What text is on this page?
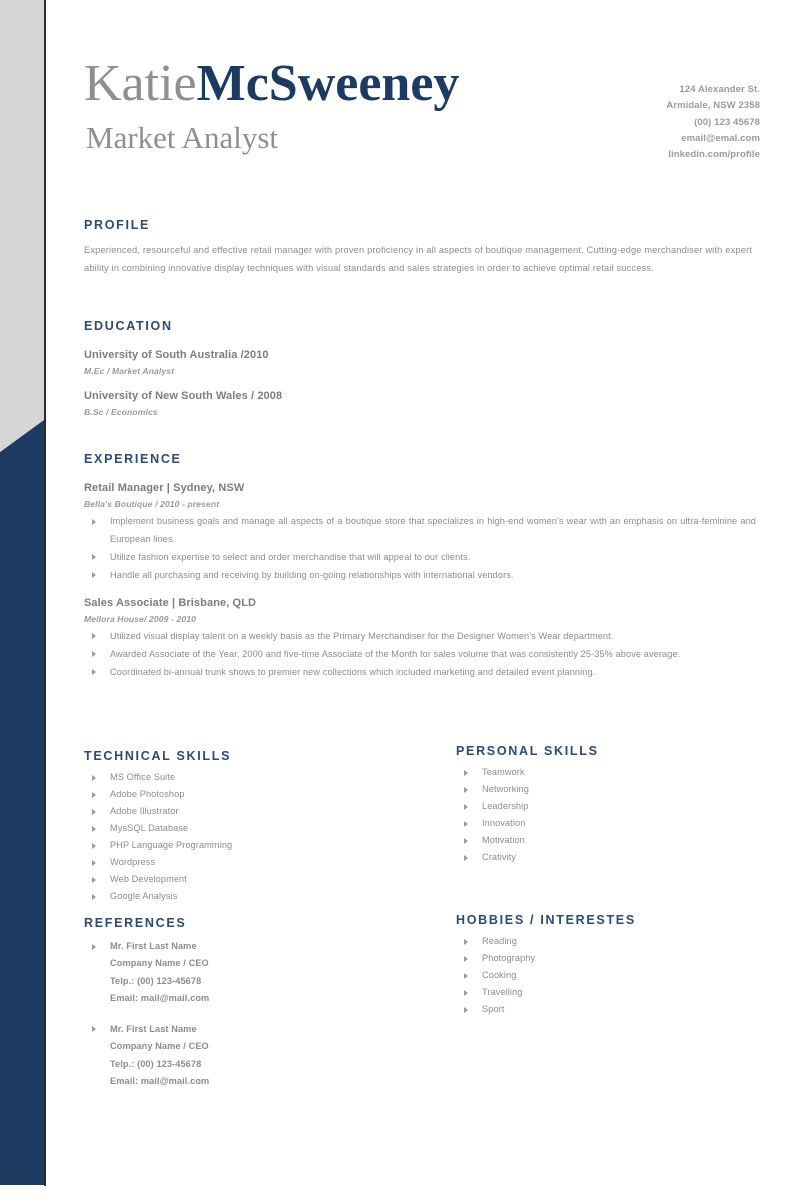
KatieMcSweeney
Market Analyst
124 Alexander St.
Armidale, NSW 2358
(00) 123 45678
email@emal.com
linkedin.com/profile
PROFILE
Experienced, resourceful and effective retail manager with proven proficiency in all aspects of boutique management. Cutting-edge merchandiser with expert ability in combining innovative display techniques with visual standards and sales strategies in order to achieve optimal retail success.
EDUCATION
University of South Australia /2010
M.Ec / Market Analyst
University of New South Wales / 2008
B.Sc / Economics
EXPERIENCE
Retail Manager | Sydney, NSW
Bella's Boutique / 2010 - present
Implement business goals and manage all aspects of a boutique store that specializes in high-end women's wear with an emphasis on ultra-feminine and European lines.
Utilize fashion expertise to select and order merchandise that will appeal to our clients.
Handle all purchasing and receiving by building on-going relationships with international vendors.
Sales Associate | Brisbane, QLD
Mellora House/ 2009 - 2010
Utilized visual display talent on a weekly basis as the Primary Merchandiser for the Designer Women's Wear department.
Awarded Associate of the Year, 2000 and five-time Associate of the Month for sales volume that was consistently 25-35% above average.
Coordinated bi-annual trunk shows to premier new collections which included marketing and detailed event planning.
TECHNICAL SKILLS
MS Office Suite
Adobe Photoshop
Adobe Illustrator
MysSQL Database
PHP Language Programming
Wordpress
Web Development
Google Analysis
PERSONAL SKILLS
Teamwork
Networking
Leadership
Innovation
Motivation
Crativity
REFERENCES
Mr. First Last Name
Company Name / CEO
Telp.: (00) 123-45678
Email: mail@mail.com
Mr. First Last Name
Company Name / CEO
Telp.: (00) 123-45678
Email: mail@mail.com
HOBBIES / INTERESTES
Reading
Photography
Cooking
Travelling
Sport
